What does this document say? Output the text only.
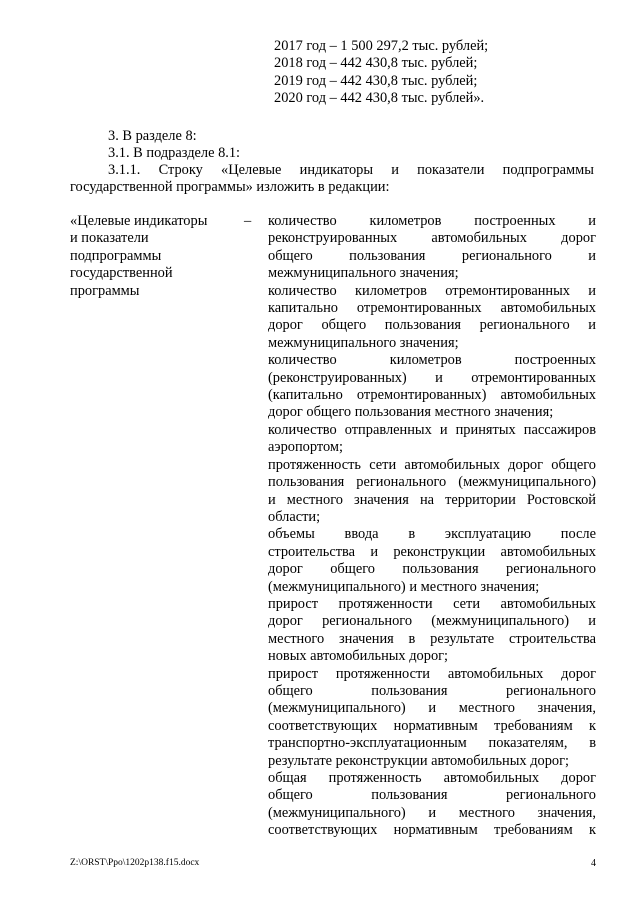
2017 год – 1 500 297,2 тыс. рублей;
2018 год – 442 430,8 тыс. рублей;
2019 год – 442 430,8 тыс. рублей;
2020 год – 442 430,8 тыс. рублей».
3. В разделе 8:
3.1. В подразделе 8.1:
3.1.1. Строку «Целевые индикаторы и показатели подпрограммы
государственной программы» изложить в редакции:
«Целевые индикаторы
и показатели
подпрограммы
государственной
программы
– количество километров построенных и
реконструированных автомобильных дорог
общего пользования регионального и
межмуниципального значения;
количество километров отремонтированных и
капитально отремонтированных автомобильных
дорог общего пользования регионального и
межмуниципального значения;
количество километров построенных
(реконструированных) и отремонтированных
(капитально отремонтированных) автомобильных
дорог общего пользования местного значения;
количество отправленных и принятых пассажиров
аэропортом;
протяженность сети автомобильных дорог общего
пользования регионального (межмуниципального)
и местного значения на территории Ростовской
области;
объемы ввода в эксплуатацию после
строительства и реконструкции автомобильных
дорог общего пользования регионального
(межмуниципального) и местного значения;
прирост протяженности сети автомобильных
дорог регионального (межмуниципального) и
местного значения в результате строительства
новых автомобильных дорог;
прирост протяженности автомобильных дорог
общего пользования регионального
(межмуниципального) и местного значения,
соответствующих нормативным требованиям к
транспортно-эксплуатационным показателям, в
результате реконструкции автомобильных дорог;
общая протяженность автомобильных дорог
общего пользования регионального
(межмуниципального) и местного значения,
соответствующих нормативным требованиям к
Z:\ORST\Ppo\1202p138.f15.docx	4
